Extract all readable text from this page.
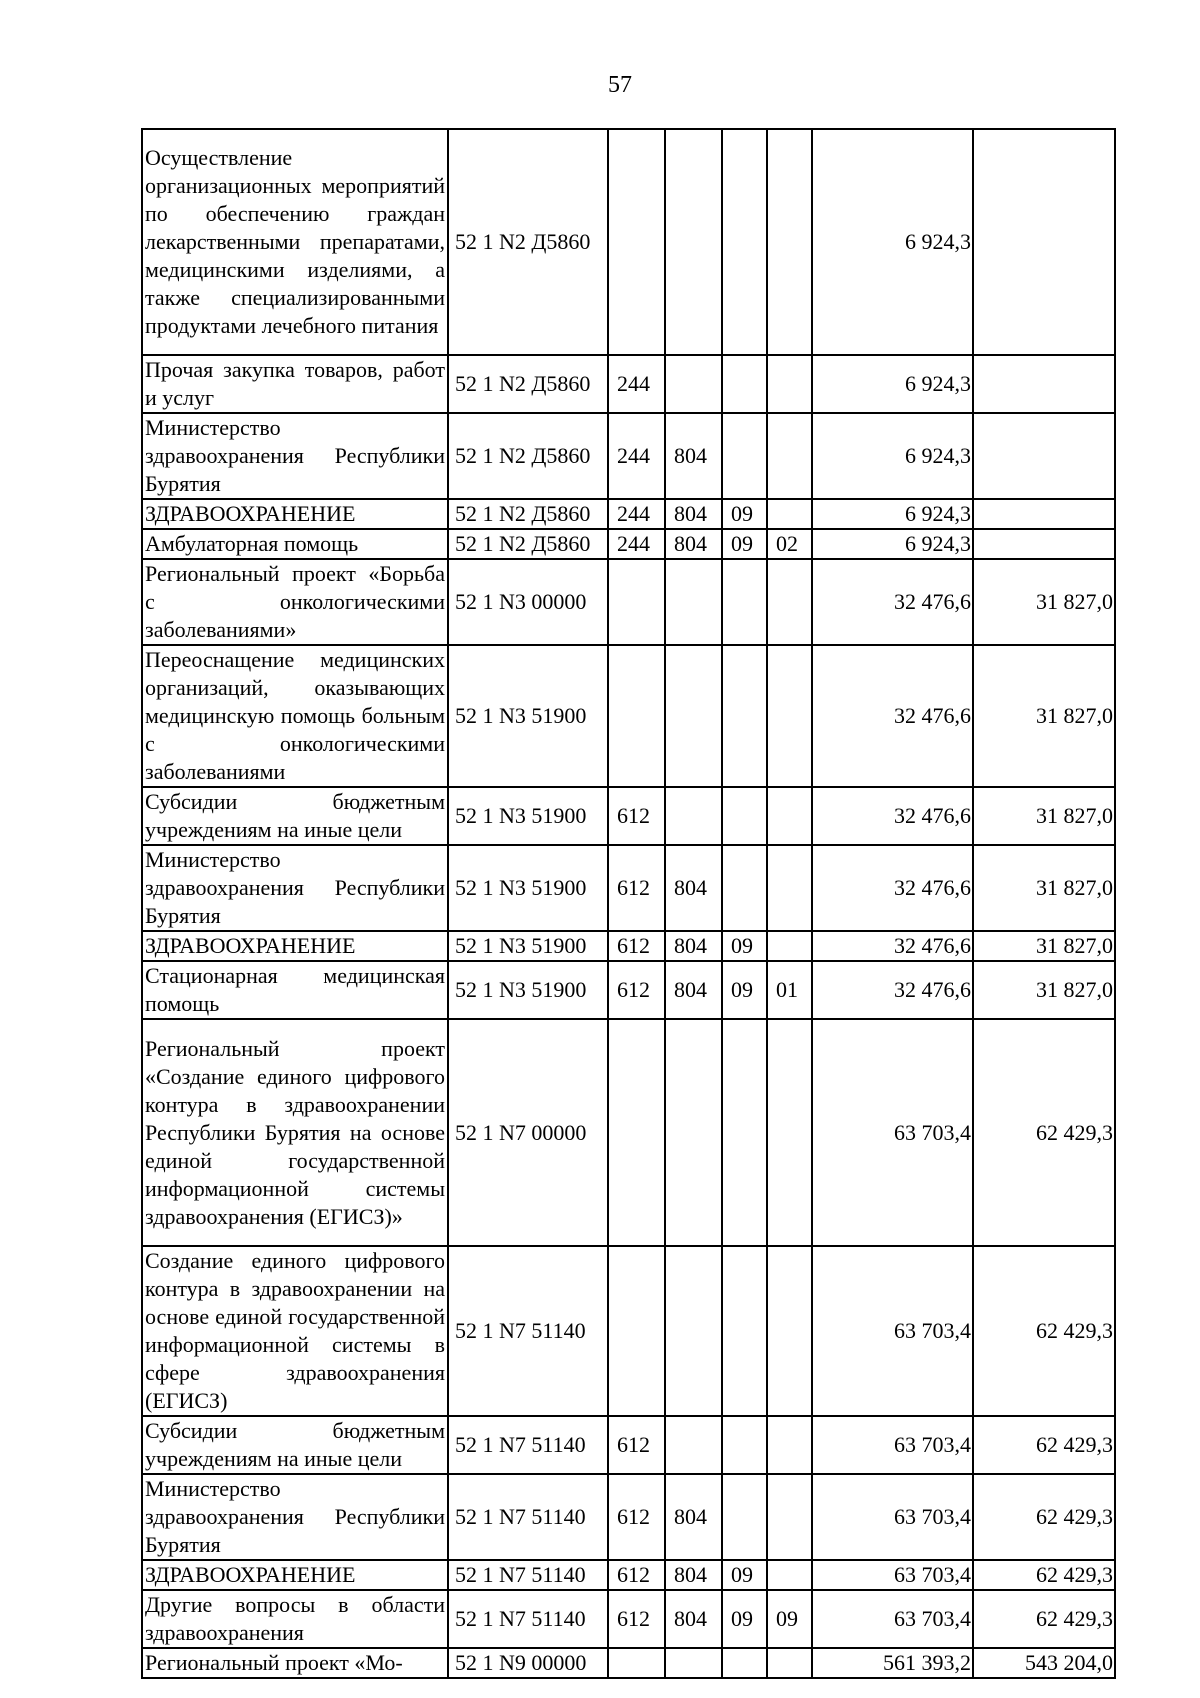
57
Осуществление организационных мероприятий по обеспечению граждан лекарственными препаратами, медицинскими изделиями, а также специализированными продуктами лечебного питания	52 1 N2 Д5860					6 924,3	
Прочая закупка товаров, работ и услуг	52 1 N2 Д5860	244				6 924,3	
Министерство здравоохранения Республики Бурятия	52 1 N2 Д5860	244	804			6 924,3	
ЗДРАВООХРАНЕНИЕ	52 1 N2 Д5860	244	804	09		6 924,3	
Амбулаторная помощь	52 1 N2 Д5860	244	804	09	02	6 924,3	
Региональный проект «Борьба с онкологическими заболеваниями»	52 1 N3 00000					32 476,6	31 827,0
Переоснащение медицинских организаций, оказывающих медицинскую помощь больным с онкологическими заболеваниями	52 1 N3 51900					32 476,6	31 827,0
Субсидии бюджетным учреждениям на иные цели	52 1 N3 51900	612				32 476,6	31 827,0
Министерство здравоохранения Республики Бурятия	52 1 N3 51900	612	804			32 476,6	31 827,0
ЗДРАВООХРАНЕНИЕ	52 1 N3 51900	612	804	09		32 476,6	31 827,0
Стационарная медицинская помощь	52 1 N3 51900	612	804	09	01	32 476,6	31 827,0
Региональный проект «Создание единого цифрового контура в здравоохранении Республики Бурятия на основе единой государственной информационной системы здравоохранения (ЕГИСЗ)»	52 1 N7 00000					63 703,4	62 429,3
Создание единого цифрового контура в здравоохранении на основе единой государственной информационной системы в сфере здравоохранения (ЕГИСЗ)	52 1 N7 51140					63 703,4	62 429,3
Субсидии бюджетным учреждениям на иные цели	52 1 N7 51140	612				63 703,4	62 429,3
Министерство здравоохранения Республики Бурятия	52 1 N7 51140	612	804			63 703,4	62 429,3
ЗДРАВООХРАНЕНИЕ	52 1 N7 51140	612	804	09		63 703,4	62 429,3
Другие вопросы в области здравоохранения	52 1 N7 51140	612	804	09	09	63 703,4	62 429,3
Региональный проект «Мо-	52 1 N9 00000					561 393,2	543 204,0
